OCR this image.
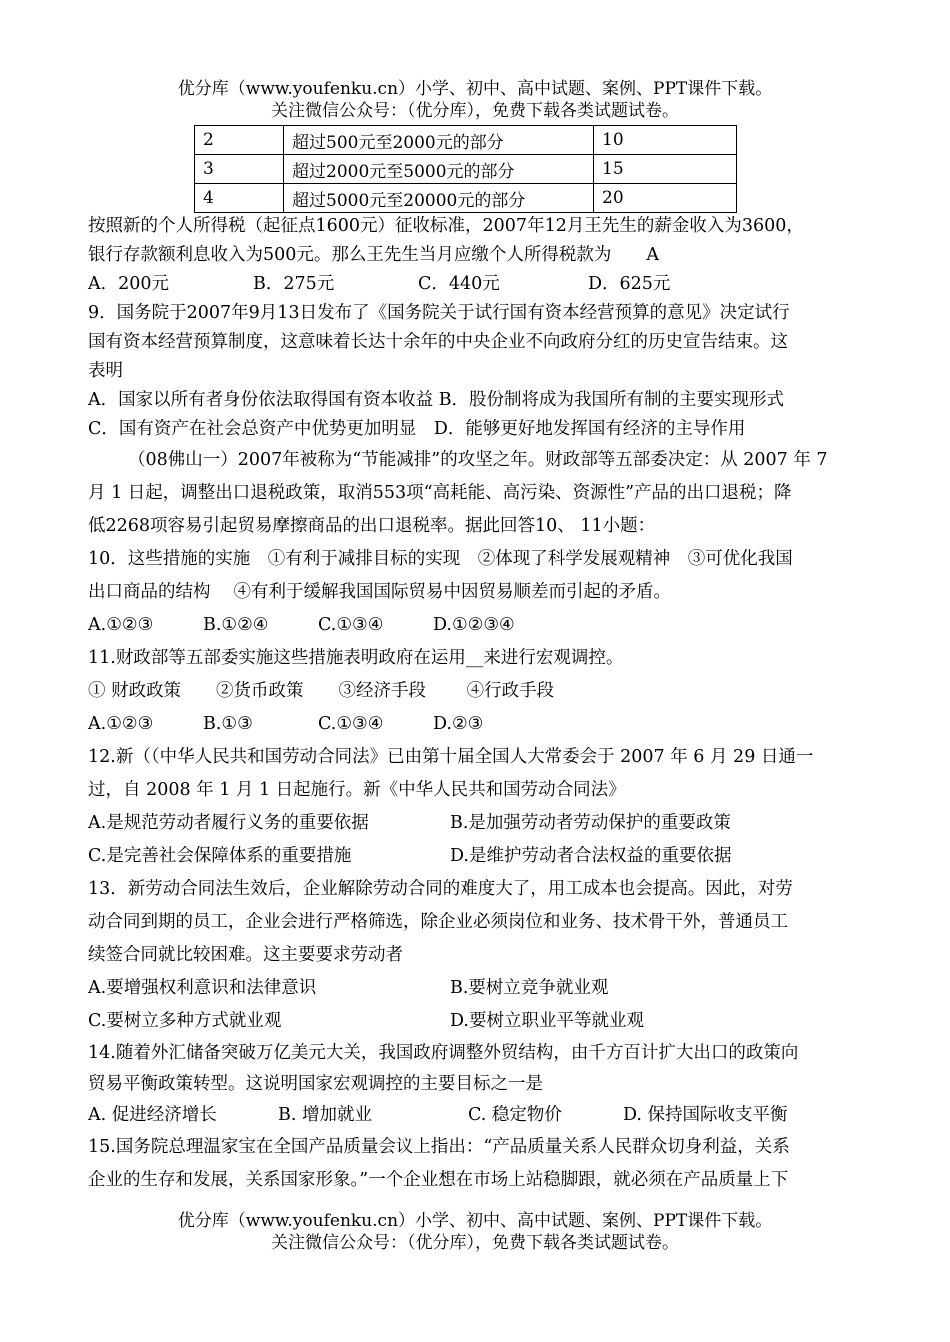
优分库（www.youfenku.cn）小学、初中、高中试题、案例、PPT课件下载。
关注微信公众号：（优分库），免费下载各类试题试卷。
2	超过500元至2000元的部分	10
3	超过2000元至5000元的部分	15
4	超过5000元至20000元的部分	20

按照新的个人所得税（起征点1600元）征收标准，2007年12月王先生的薪金收入为3600，

银行存款额利息收入为500元。那么王先生当月应缴个人所得税款为　　A

A．200元	B．275元	C．440元	D．625元

9．国务院于2007年9月13日发布了《国务院关于试行国有资本经营预算的意见》决定试行

国有资本经营预算制度，这意味着长达十余年的中央企业不向政府分红的历史宣告结束。这

表明

A．国家以所有者身份依法取得国有资本收益 B．股份制将成为我国所有制的主要实现形式

C．国有资产在社会总资产中优势更加明显　D．能够更好地发挥国有经济的主导作用

（08佛山一）2007年被称为“节能减排”的攻坚之年。财政部等五部委决定：从 2007 年 7

月 1 日起，调整出口退税政策，取消553项“高耗能、高污染、资源性”产品的出口退税；降

低2268项容易引起贸易摩擦商品的出口退税率。据此回答10、 11小题：

10．这些措施的实施　①有利于减排目标的实现　②体现了科学发展观精神　③可优化我国

出口商品的结构　 ④有利于缓解我国国际贸易中因贸易顺差而引起的矛盾。

A.①②③	B.①②④	C.①③④	D.①②③④

11.财政部等五部委实施这些措施表明政府在运用__来进行宏观调控。

① 财政政策　　②货币政策　　③经济手段　　 ④行政手段

A.①②③	B.①③	C.①③④	D.②③

12.新（（中华人民共和国劳动合同法》已由第十届全国人大常委会于 2007 年 6 月 29 日通一

过，自 2008 年 1 月 1 日起施行。新《中华人民共和国劳动合同法》

A.是规范劳动者履行义务的重要依据	B.是加强劳动者劳动保护的重要政策

C.是完善社会保障体系的重要措施	D.是维护劳动者合法权益的重要依据

13．新劳动合同法生效后，企业解除劳动合同的难度大了，用工成本也会提高。因此，对劳

动合同到期的员工，企业会进行严格筛选，除企业必须岗位和业务、技术骨干外，普通员工

续签合同就比较困难。这主要要求劳动者

A.要增强权利意识和法律意识	B.要树立竞争就业观

C.要树立多种方式就业观	D.要树立职业平等就业观

14.随着外汇储备突破万亿美元大关，我国政府调整外贸结构，由千方百计扩大出口的政策向

贸易平衡政策转型。这说明国家宏观调控的主要目标之一是

A. 促进经济增长	B. 增加就业	C. 稳定物价	D. 保持国际收支平衡

15.国务院总理温家宝在全国产品质量会议上指出：“产品质量关系人民群众切身利益，关系

企业的生存和发展，关系国家形象。”一个企业想在市场上站稳脚跟，就必须在产品质量上下

优分库（www.youfenku.cn）小学、初中、高中试题、案例、PPT课件下载。
关注微信公众号：（优分库），免费下载各类试题试卷。
